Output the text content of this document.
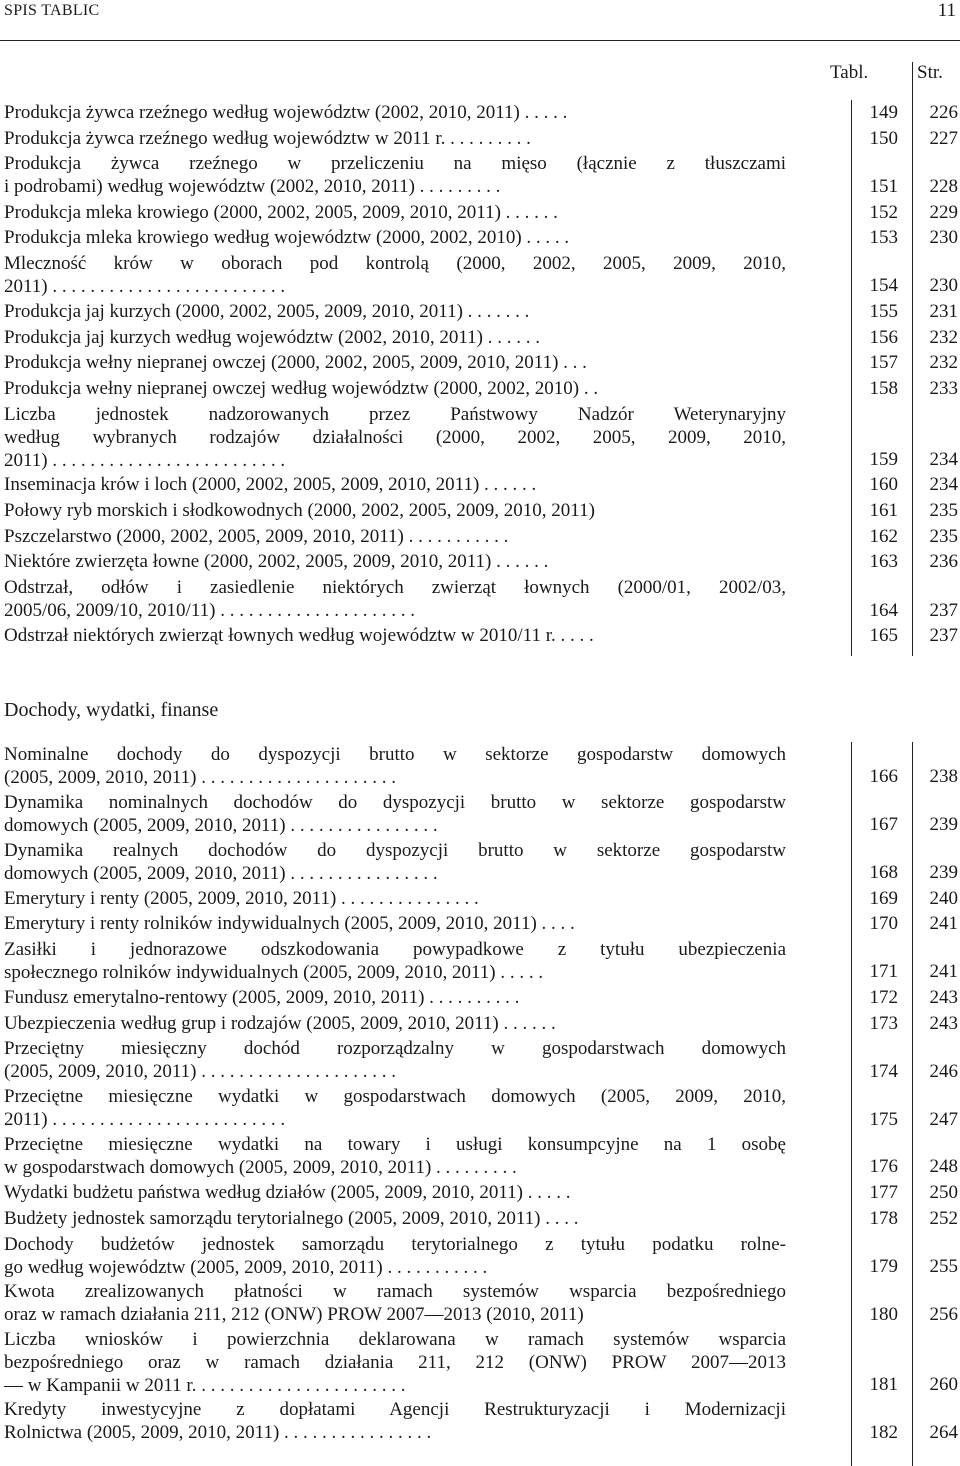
SPIS TABLIC	11
Tabl.	Str.
Produkcja żywca rzeźnego według województw (2002, 2010, 2011) . . . . .	149	226
Produkcja żywca rzeźnego według województw w 2011 r. . . . . . . . . .	150	227
Produkcja żywca rzeźnego w przeliczeniu na mięso (łącznie z tłuszczami
i podrobami) według województw (2002, 2010, 2011) . . . . . . . . .	151	228
Produkcja mleka krowiego (2000, 2002, 2005, 2009, 2010, 2011) . . . . . .	152	229
Produkcja mleka krowiego według województw (2000, 2002, 2010) . . . . .	153	230
Mleczność krów w oborach pod kontrolą (2000, 2002, 2005, 2009, 2010,
2011) . . . . . . . . . . . . . . . . . . . . . . . . .	154	230
Produkcja jaj kurzych (2000, 2002, 2005, 2009, 2010, 2011) . . . . . . .	155	231
Produkcja jaj kurzych według województw (2002, 2010, 2011) . . . . . .	156	232
Produkcja wełny niepranej owczej (2000, 2002, 2005, 2009, 2010, 2011) . . .	157	232
Produkcja wełny niepranej owczej według województw (2000, 2002, 2010) . .	158	233
Liczba jednostek nadzorowanych przez Państwowy Nadzór Weterynaryjny
według wybranych rodzajów działalności (2000, 2002, 2005, 2009, 2010,
2011) . . . . . . . . . . . . . . . . . . . . . . . . .	159	234
Inseminacja krów i loch (2000, 2002, 2005, 2009, 2010, 2011) . . . . . .	160	234
Połowy ryb morskich i słodkowodnych (2000, 2002, 2005, 2009, 2010, 2011)	161	235
Pszczelarstwo (2000, 2002, 2005, 2009, 2010, 2011) . . . . . . . . . . .	162	235
Niektóre zwierzęta łowne (2000, 2002, 2005, 2009, 2010, 2011) . . . . . .	163	236
Odstrzał, odłów i zasiedlenie niektórych zwierząt łownych (2000/01, 2002/03,
2005/06, 2009/10, 2010/11) . . . . . . . . . . . . . . . . . . . . .	164	237
Odstrzał niektórych zwierząt łownych według województw w 2010/11 r. . . . .	165	237
Dochody, wydatki, finanse
Nominalne dochody do dyspozycji brutto w sektorze gospodarstw domowych
(2005, 2009, 2010, 2011) . . . . . . . . . . . . . . . . . . . . .	166	238
Dynamika nominalnych dochodów do dyspozycji brutto w sektorze gospodarstw
domowych (2005, 2009, 2010, 2011) . . . . . . . . . . . . . . . .	167	239
Dynamika realnych dochodów do dyspozycji brutto w sektorze gospodarstw
domowych (2005, 2009, 2010, 2011) . . . . . . . . . . . . . . . .	168	239
Emerytury i renty (2005, 2009, 2010, 2011) . . . . . . . . . . . . . . .	169	240
Emerytury i renty rolników indywidualnych (2005, 2009, 2010, 2011) . . . .	170	241
Zasiłki i jednorazowe odszkodowania powypadkowe z tytułu ubezpieczenia
społecznego rolników indywidualnych (2005, 2009, 2010, 2011) . . . . .	171	241
Fundusz emerytalno-rentowy (2005, 2009, 2010, 2011) . . . . . . . . . .	172	243
Ubezpieczenia według grup i rodzajów (2005, 2009, 2010, 2011) . . . . . .	173	243
Przeciętny miesięczny dochód rozporządzalny w gospodarstwach domowych
(2005, 2009, 2010, 2011) . . . . . . . . . . . . . . . . . . . . .	174	246
Przeciętne miesięczne wydatki w gospodarstwach domowych (2005, 2009, 2010,
2011) . . . . . . . . . . . . . . . . . . . . . . . . .	175	247
Przeciętne miesięczne wydatki na towary i usługi konsumpcyjne na 1 osobę
w gospodarstwach domowych (2005, 2009, 2010, 2011) . . . . . . . . .	176	248
Wydatki budżetu państwa według działów (2005, 2009, 2010, 2011) . . . . .	177	250
Budżety jednostek samorządu terytorialnego (2005, 2009, 2010, 2011) . . . .	178	252
Dochody budżetów jednostek samorządu terytorialnego z tytułu podatku rolne-
go według województw (2005, 2009, 2010, 2011) . . . . . . . . . . .	179	255
Kwota zrealizowanych płatności w ramach systemów wsparcia bezpośredniego
oraz w ramach działania 211, 212 (ONW) PROW 2007—2013 (2010, 2011)	180	256
Liczba wniosków i powierzchnia deklarowana w ramach systemów wsparcia
bezpośredniego oraz w ramach działania 211, 212 (ONW) PROW 2007—2013
— w Kampanii w 2011 r. . . . . . . . . . . . . . . . . . . . . . .	181	260
Kredyty inwestycyjne z dopłatami Agencji Restrukturyzacji i Modernizacji
Rolnictwa (2005, 2009, 2010, 2011) . . . . . . . . . . . . . . . .	182	264
